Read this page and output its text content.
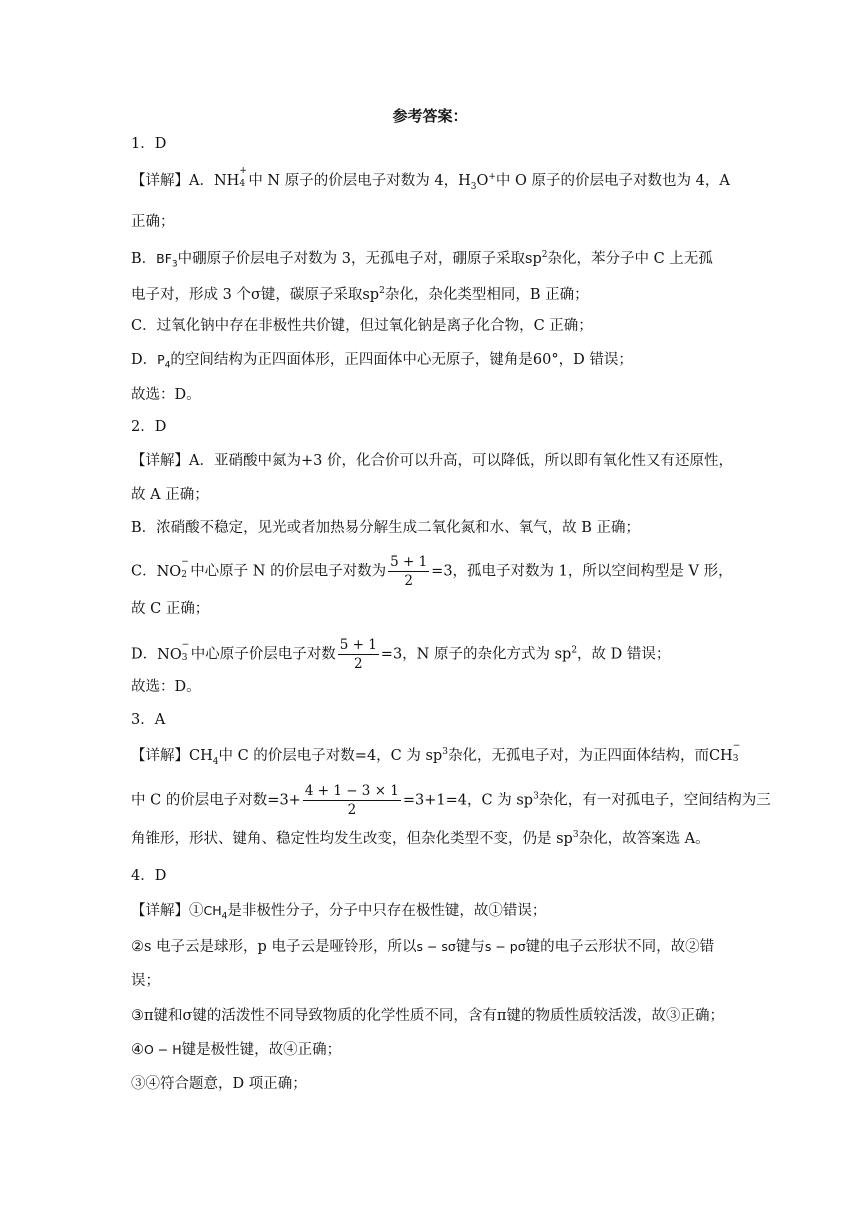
参考答案：
1．D
【详解】A．NH
+
4 中 N 原子的价层电子对数为 4，$H_3O^+$中 O 原子的价层电子对数也为 4，A
正确；
B．$BF_3$中硼原子价层电子对数为 3，无孤电子对，硼原子采取$sp^2$杂化，苯分子中 C 上无孤
电子对，形成 3 个σ键，碳原子采取$sp^2$杂化，杂化类型相同，B 正确；
C．过氧化钠中存在非极性共价键，但过氧化钠是离子化合物，C 正确；
D．$P_4$的空间结构为正四面体形，正四面体中心无原子，键角是60°，D 错误；
故选：D。
2．D
【详解】A．亚硝酸中氮为+3 价，化合价可以升高，可以降低，所以即有氧化性又有还原性，
故 A 正确；
B．浓硝酸不稳定，见光或者加热易分解生成二氧化氮和水、氧气，故 B 正确；
C．NO
−
2 中心原子 N 的价层电子对数为 $\frac{5 + 1}{2} =3$，孤电子对数为 1，所以空间构型是 V 形，
故 C 正确；
D．NO
−
3 中心原子价层电子对数 $\frac{5 + 1}{2} =3$，N 原子的杂化方式为 $sp^2$，故 D 错误；
故选：D。
3．A
【详解】$CH_4$中 C 的价层电子对数=4，C 为 $sp^3$杂化，无孤电子对，为正四面体结构，而CH
−
3
中 C 的价层电子对数$=3+ \frac{4 + 1 - 3 \times 1}{2} =3+1=4$，C 为 $sp^3$杂化，有一对孤电子，空间结构为三
角锥形，形状、键角、稳定性均发生改变，但杂化类型不变，仍是 $sp^3$杂化，故答案选 A。
4．D
【详解】$①CH_4$是非极性分子，分子中只存在极性键，故①错误；
②s 电子云是球形，p 电子云是哑铃形，所以s − sσ键与s − pσ键的电子云形状不同，故②错
误；
③π键和σ键的活泼性不同导致物质的化学性质不同，含有π键的物质性质较活泼，故③正确；
④O − H键是极性键，故④正确；
③④符合题意，D 项正确；
